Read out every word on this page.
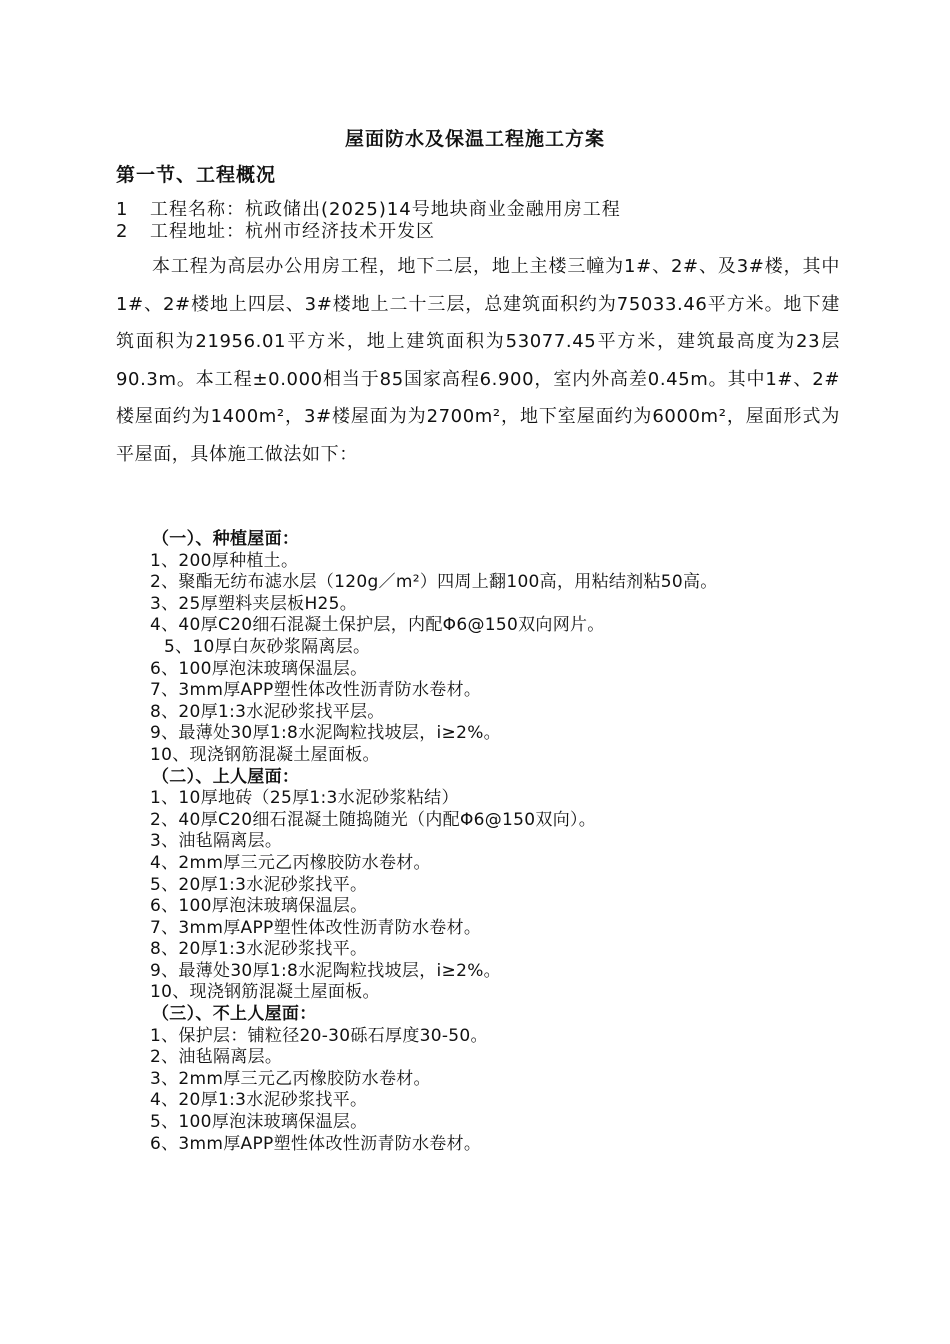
屋面防水及保温工程施工方案
第一节、工程概况
1 工程名称：杭政储出(2025)14号地块商业金融用房工程
2 工程地址：杭州市经济技术开发区
本工程为高层办公用房工程，地下二层，地上主楼三幢为1#、2#、及3#楼，其中1#、2#楼地上四层、3#楼地上二十三层，总建筑面积约为75033.46平方米。地下建筑面积为21956.01平方米，地上建筑面积为53077.45平方米，建筑最高度为23层90.3m。本工程±0.000相当于85国家高程6.900，室内外高差0.45m。其中1#、2#楼屋面约为1400m²，3#楼屋面为为2700m²，地下室屋面约为6000m²，屋面形式为平屋面，具体施工做法如下：
（一）、种植屋面：
1、200厚种植土。
2、聚酯无纺布滤水层（120g／m²）四周上翻100高，用粘结剂粘50高。
3、25厚塑料夹层板H25。
4、40厚C20细石混凝土保护层，内配Φ6@150双向网片。
5、10厚白灰砂浆隔离层。
6、100厚泡沫玻璃保温层。
7、3mm厚APP塑性体改性沥青防水卷材。
8、20厚1:3水泥砂浆找平层。
9、最薄处30厚1:8水泥陶粒找坡层，i≥2%。
10、现浇钢筋混凝土屋面板。
（二）、上人屋面：
1、10厚地砖（25厚1:3水泥砂浆粘结）
2、40厚C20细石混凝土随捣随光（内配Φ6@150双向）。
3、油毡隔离层。
4、2mm厚三元乙丙橡胶防水卷材。
5、20厚1:3水泥砂浆找平。
6、100厚泡沫玻璃保温层。
7、3mm厚APP塑性体改性沥青防水卷材。
8、20厚1:3水泥砂浆找平。
9、最薄处30厚1:8水泥陶粒找坡层，i≥2%。
10、现浇钢筋混凝土屋面板。
（三）、不上人屋面：
1、保护层：铺粒径20-30砾石厚度30-50。
2、油毡隔离层。
3、2mm厚三元乙丙橡胶防水卷材。
4、20厚1:3水泥砂浆找平。
5、100厚泡沫玻璃保温层。
6、3mm厚APP塑性体改性沥青防水卷材。
